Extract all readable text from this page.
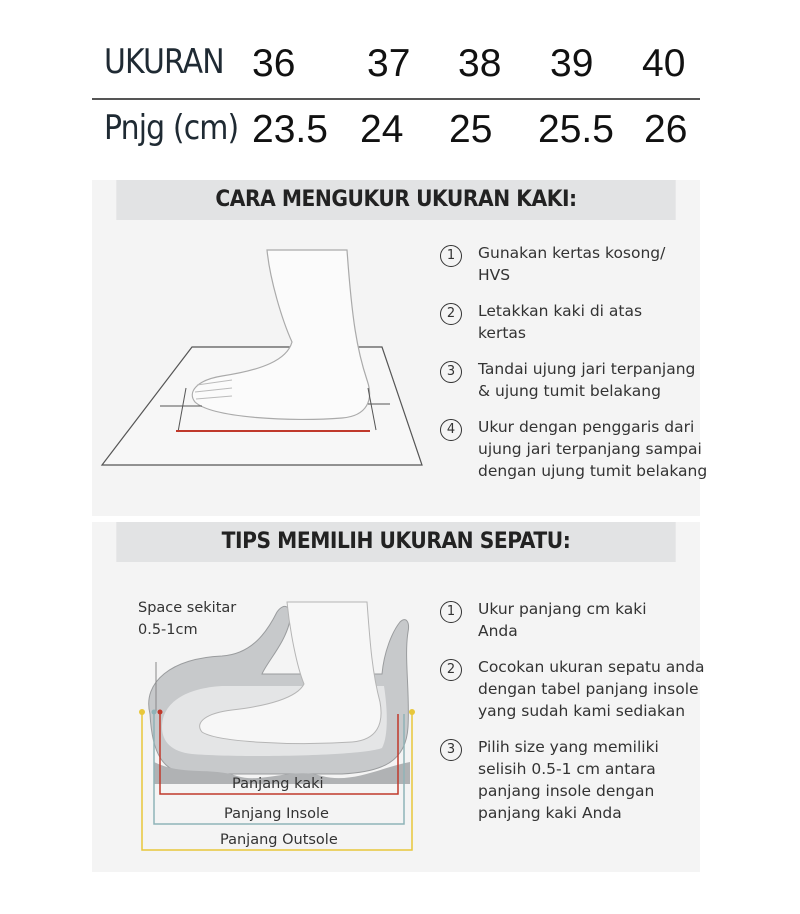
UKURAN 36 37 38 39 40
Pnjg (cm) 23.5 24 25 25.5 26
CARA MENGUKUR UKURAN KAKI:
1	Gunakan kertas kosong/
HVS
2	Letakkan kaki di atas
kertas
3	Tandai ujung jari terpanjang
& ujung tumit belakang
4	Ukur dengan penggaris dari
ujung jari terpanjang sampai
dengan ujung tumit belakang
TIPS MEMILIH UKURAN SEPATU:
Space sekitar
0.5-1cm
Panjang kaki
Panjang Insole
Panjang Outsole
1	Ukur panjang cm kaki
Anda
2	Cocokan ukuran sepatu anda
dengan tabel panjang insole
yang sudah kami sediakan
3	Pilih size yang memiliki
selisih 0.5-1 cm antara
panjang insole dengan
panjang kaki Anda
